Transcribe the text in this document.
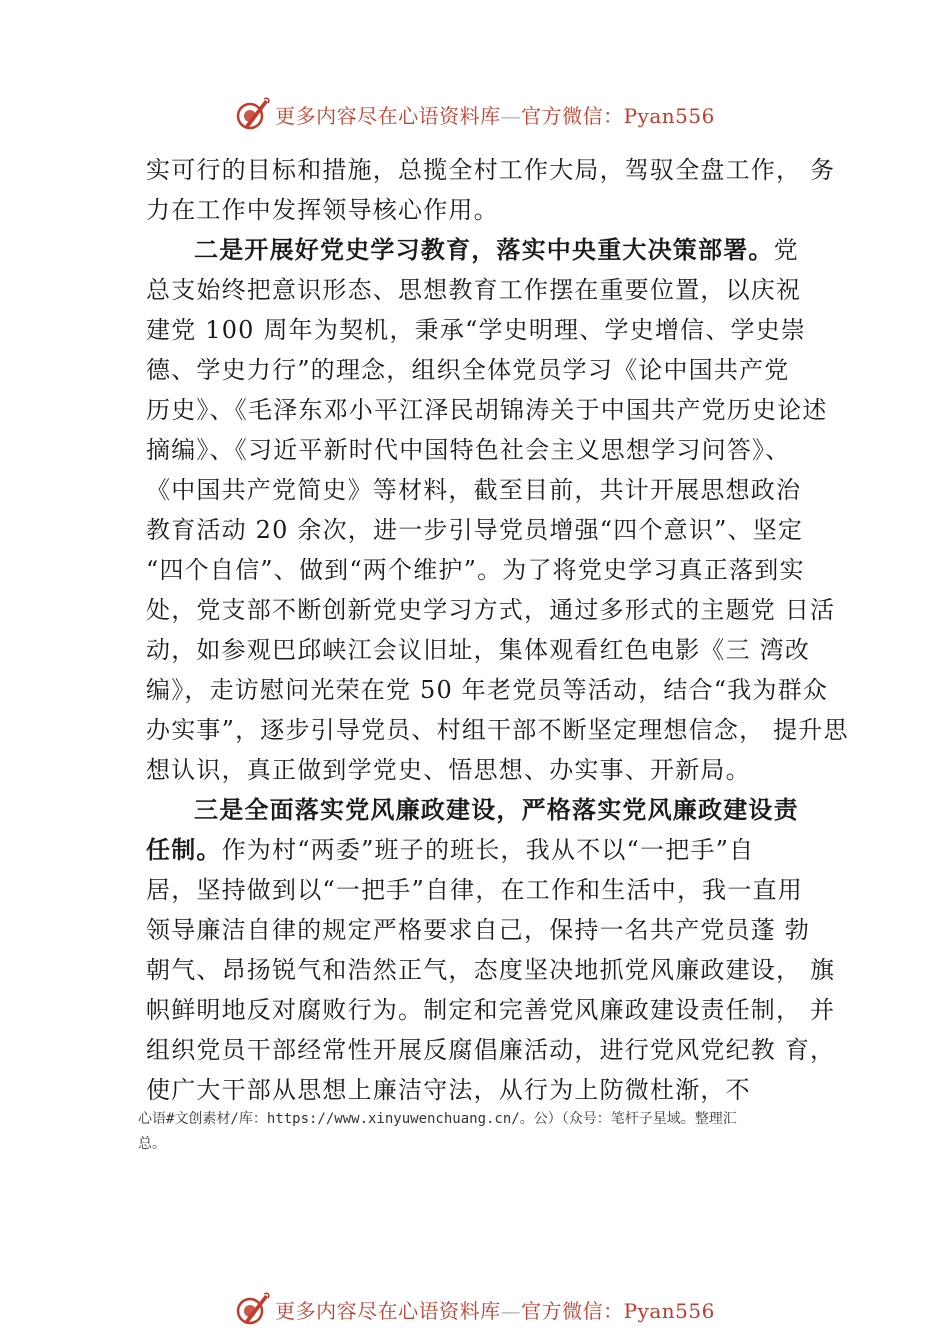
更多内容尽在心语资料库—官方微信：Pyan556
实可行的目标和措施，总揽全村工作大局，驾驭全盘工作， 务
力在工作中发挥领导核心作用。
二是开展好党史学习教育，落实中央重大决策部署。党
总支始终把意识形态、思想教育工作摆在重要位置，以庆祝
建党 100 周年为契机，秉承“学史明理、学史增信、学史崇
德、学史力行”的理念，组织全体党员学习《论中国共产党
历史》、《毛泽东邓小平江泽民胡锦涛关于中国共产党历史论述
摘编》、《习近平新时代中国特色社会主义思想学习问答》、
《中国共产党简史》等材料，截至目前，共计开展思想政治
教育活动 20 余次，进一步引导党员增强“四个意识”、坚定
“四个自信”、做到“两个维护”。为了将党史学习真正落到实
处，党支部不断创新党史学习方式，通过多形式的主题党 日活
动，如参观巴邱峡江会议旧址，集体观看红色电影《三 湾改
编》，走访慰问光荣在党 50 年老党员等活动，结合“我为群众
办实事”，逐步引导党员、村组干部不断坚定理想信念， 提升思
想认识，真正做到学党史、悟思想、办实事、开新局。
三是全面落实党风廉政建设，严格落实党风廉政建设责
任制。作为村“两委”班子的班长，我从不以“一把手”自
居，坚持做到以“一把手”自律，在工作和生活中，我一直用
领导廉洁自律的规定严格要求自己，保持一名共产党员蓬 勃
朝气、昂扬锐气和浩然正气，态度坚决地抓党风廉政建设， 旗
帜鲜明地反对腐败行为。制定和完善党风廉政建设责任制， 并
组织党员干部经常性开展反腐倡廉活动，进行党风党纪教 育，
使广大干部从思想上廉洁守法，从行为上防微杜渐，不
心语#文创素材/库：https://www.xinyuwenchuang.cn/。公）（众号：笔杆子星域。整理汇
总。
更多内容尽在心语资料库—官方微信：Pyan556
